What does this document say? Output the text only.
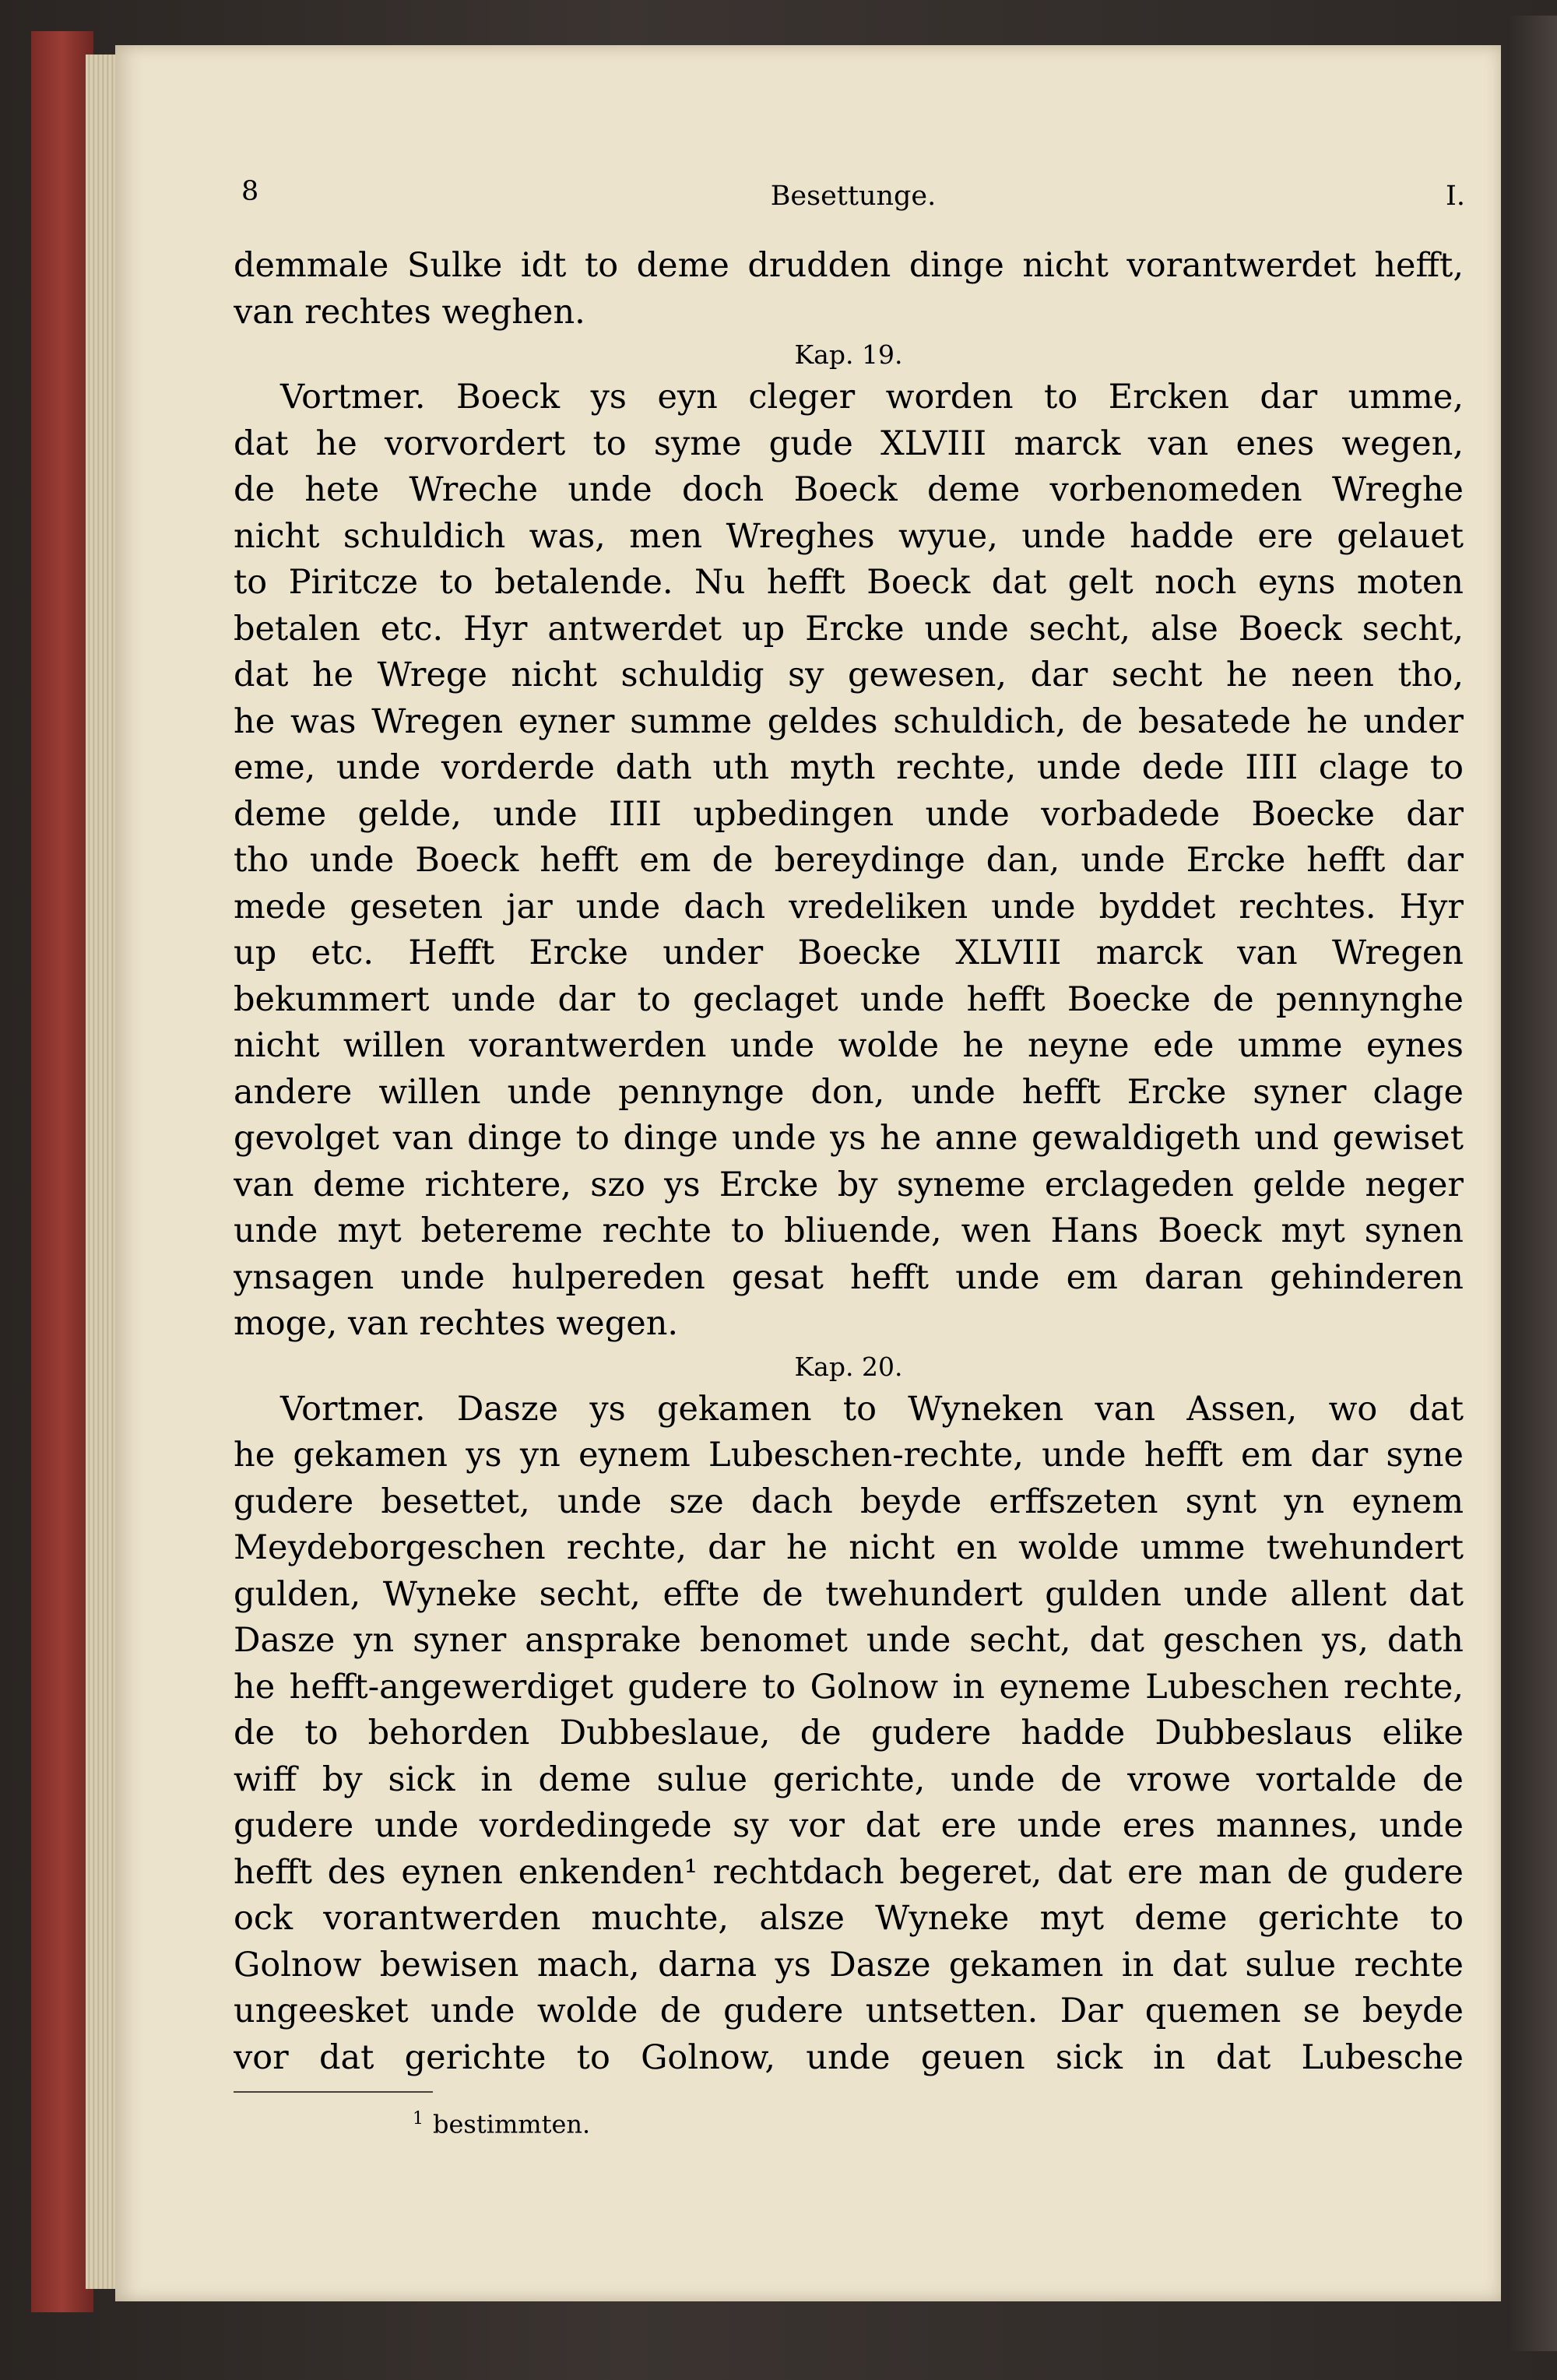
8	Besettunge.	I.
demmale Sulke idt to deme drudden dinge nicht vorantwerdet hefft,
van rechtes weghen.
Kap. 19.
Vortmer. Boeck ys eyn cleger worden to Ercken dar umme,
dat he vorvordert to syme gude XLVIII marck van enes wegen,
de hete Wreche unde doch Boeck deme vorbenomeden Wreghe
nicht schuldich was, men Wreghes wyue, unde hadde ere gelauet
to Piritcze to betalende. Nu hefft Boeck dat gelt noch eyns moten
betalen etc. Hyr antwerdet up Ercke unde secht, alse Boeck secht,
dat he Wrege nicht schuldig sy gewesen, dar secht he neen tho,
he was Wregen eyner summe geldes schuldich, de besatede he under
eme, unde vorderde dath uth myth rechte, unde dede IIII clage to
deme gelde, unde IIII upbedingen unde vorbadede Boecke dar
tho unde Boeck hefft em de bereydinge dan, unde Ercke hefft dar
mede geseten jar unde dach vredeliken unde byddet rechtes. Hyr
up etc. Hefft Ercke under Boecke XLVIII marck van Wregen
bekummert unde dar to geclaget unde hefft Boecke de pennynghe
nicht willen vorantwerden unde wolde he neyne ede umme eynes
andere willen unde pennynge don, unde hefft Ercke syner clage
gevolget van dinge to dinge unde ys he anne gewaldigeth und gewiset
van deme richtere, szo ys Ercke by syneme erclageden gelde neger
unde myt betereme rechte to bliuende, wen Hans Boeck myt synen
ynsagen unde hulpereden gesat hefft unde em daran gehinderen
moge, van rechtes wegen.
Kap. 20.
Vortmer. Dasze ys gekamen to Wyneken van Assen, wo dat
he gekamen ys yn eynem Lubeschen-rechte, unde hefft em dar syne
gudere besettet, unde sze dach beyde erffszeten synt yn eynem
Meydeborgeschen rechte, dar he nicht en wolde umme twehundert
gulden, Wyneke secht, effte de twehundert gulden unde allent dat
Dasze yn syner ansprake benomet unde secht, dat geschen ys, dath
he hefft-angewerdiget gudere to Golnow in eyneme Lubeschen rechte,
de to behorden Dubbeslaue, de gudere hadde Dubbeslaus elike
wiff by sick in deme sulue gerichte, unde de vrowe vortalde de
gudere unde vordedingede sy vor dat ere unde eres mannes, unde
hefft des eynen enkenden¹ rechtdach begeret, dat ere man de gudere
ock vorantwerden muchte, alsze Wyneke myt deme gerichte to
Golnow bewisen mach, darna ys Dasze gekamen in dat sulue rechte
ungeesket unde wolde de gudere untsetten. Dar quemen se beyde
vor dat gerichte to Golnow, unde geuen sick in dat Lubesche
$^1$ bestimmten.
